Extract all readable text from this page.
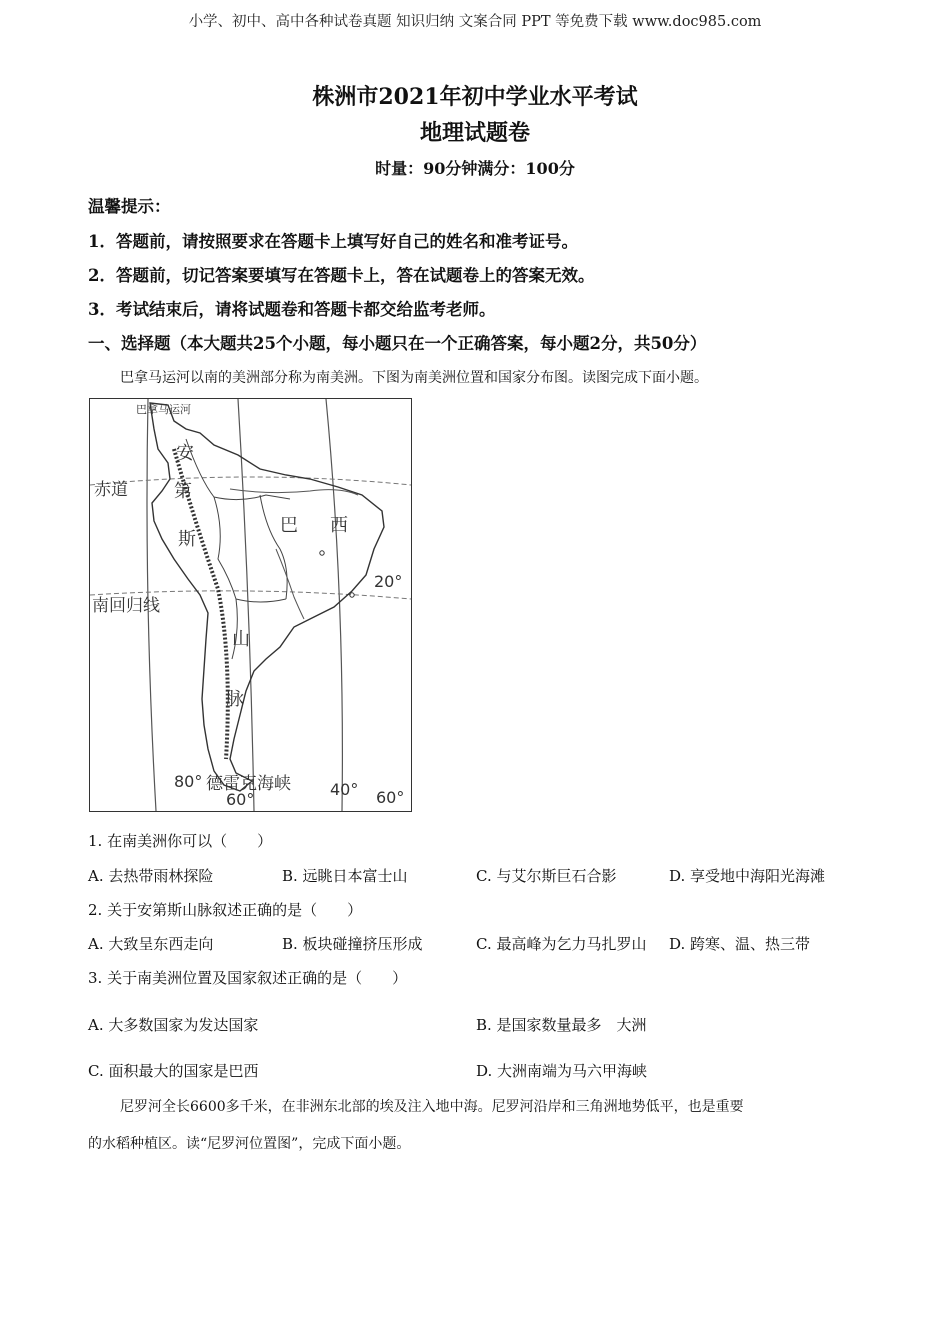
小学、初中、高中各种试卷真题 知识归纳 文案合同 PPT 等免费下载 www.doc985.com
株洲市2021年初中学业水平考试
地理试题卷
时量：90分钟满分：100分
温馨提示：
1．答题前，请按照要求在答题卡上填写好自己的姓名和准考证号。
2．答题前，切记答案要填写在答题卡上，答在试题卷上的答案无效。
3．考试结束后，请将试题卷和答题卡都交给监考老师。
一、选择题（本大题共25个小题，每小题只在一个正确答案，每小题2分，共50分）
巴拿马运河以南的美洲部分称为南美洲。下图为南美洲位置和国家分布图。读图完成下面小题。
巴拿马运河
赤道
南回归线
巴 西
安
第
斯
山
脉
德雷克海峡
20°
80°
60°
40° 60°
1. 在南美洲你可以（　　）
A. 去热带雨林探险	B. 远眺日本富士山	C. 与艾尔斯巨石合影	D. 享受地中海阳光海滩
2. 关于安第斯山脉叙述正确的是（　　）
A. 大致呈东西走向	B. 板块碰撞挤压形成	C. 最高峰为乞力马扎罗山 D. 跨寒、温、热三带
3. 关于南美洲位置及国家叙述正确的是（　　）
A. 大多数国家为发达国家	B. 是国家数量最多　大洲
C. 面积最大的国家是巴西	D. 大洲南端为马六甲海峡
尼罗河全长6600多千米，在非洲东北部的埃及注入地中海。尼罗河沿岸和三角洲地势低平，也是重要
的水稻种植区。读“尼罗河位置图”，完成下面小题。
